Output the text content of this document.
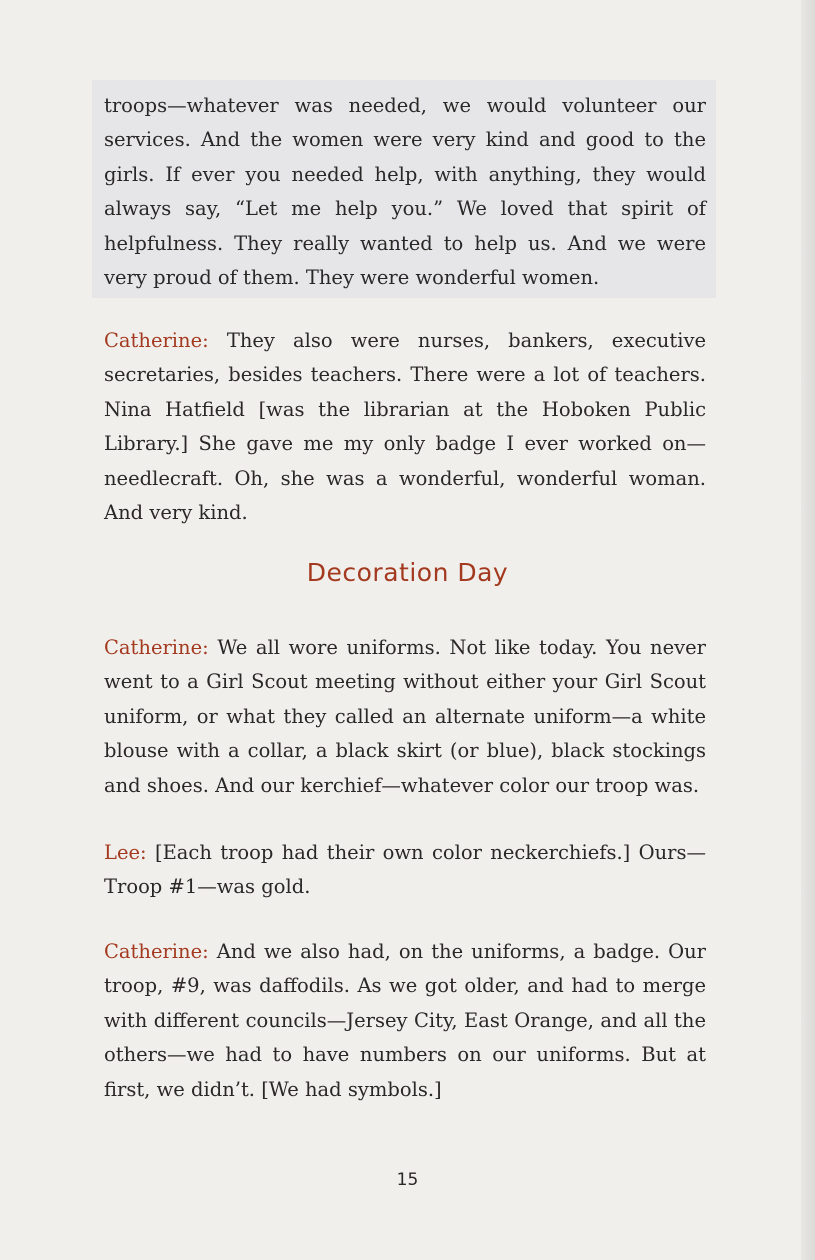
troops—whatever was needed, we would volunteer our services. And the women were very kind and good to the girls. If ever you needed help, with anything, they would always say, “Let me help you.” We loved that spirit of helpfulness. They really wanted to help us. And we were very proud of them. They were wonderful women.

Catherine: They also were nurses, bankers, executive secretaries, besides teachers. There were a lot of teachers. Nina Hatfield [was the librarian at the Hoboken Public Library.] She gave me my only badge I ever worked on—needlecraft. Oh, she was a wonderful, wonderful woman. And very kind.

Decoration Day

Catherine: We all wore uniforms. Not like today. You never went to a Girl Scout meeting without either your Girl Scout uniform, or what they called an alternate uniform—a white blouse with a collar, a black skirt (or blue), black stockings and shoes. And our kerchief—whatever color our troop was.

Lee: [Each troop had their own color neckerchiefs.] Ours—Troop #1—was gold.

Catherine: And we also had, on the uniforms, a badge. Our troop, #9, was daffodils. As we got older, and had to merge with different councils—Jersey City, East Orange, and all the others—we had to have numbers on our uniforms. But at first, we didn’t. [We had symbols.]

15
